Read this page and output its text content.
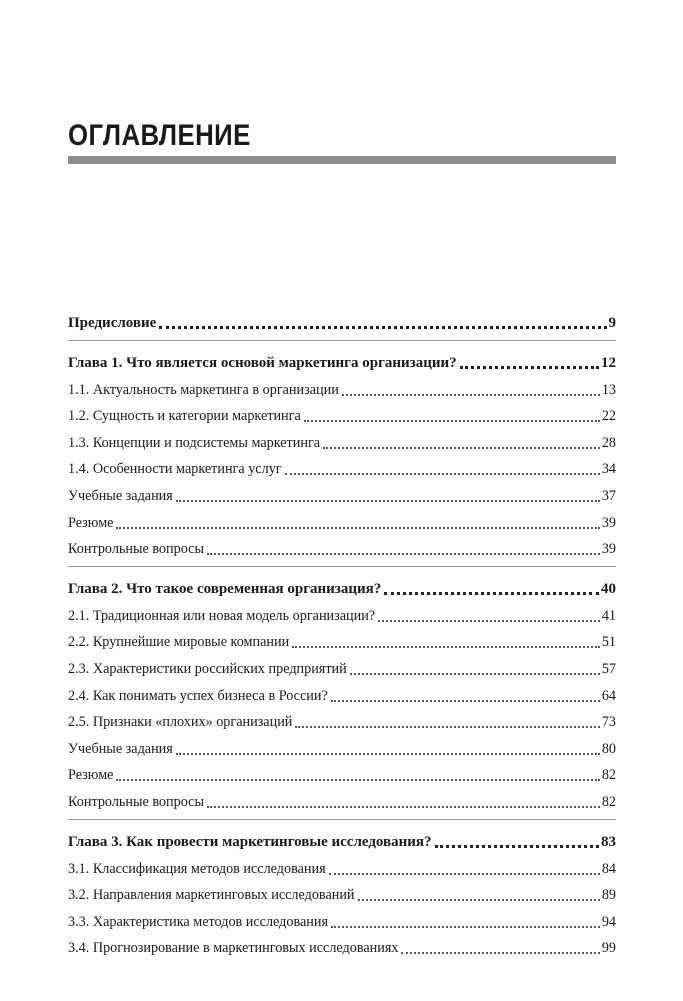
ОГЛАВЛЕНИЕ
Предисловие	9
Глава 1. Что является основой маркетинга организации?	12
1.1. Актуальность маркетинга в организации	13
1.2. Сущность и категории маркетинга	22
1.3. Концепции и подсистемы маркетинга	28
1.4. Особенности маркетинга услуг	34
Учебные задания	37
Резюме	39
Контрольные вопросы	39
Глава 2. Что такое современная организация?	40
2.1. Традиционная или новая модель организации?	41
2.2. Крупнейшие мировые компании	51
2.3. Характеристики российских предприятий	57
2.4. Как понимать успех бизнеса в России?	64
2.5. Признаки «плохих» организаций	73
Учебные задания	80
Резюме	82
Контрольные вопросы	82
Глава 3. Как провести маркетинговые исследования?	83
3.1. Классификация методов исследования	84
3.2. Направления маркетинговых исследований	89
3.3. Характеристика методов исследования	94
3.4. Прогнозирование в маркетинговых исследованиях	99
